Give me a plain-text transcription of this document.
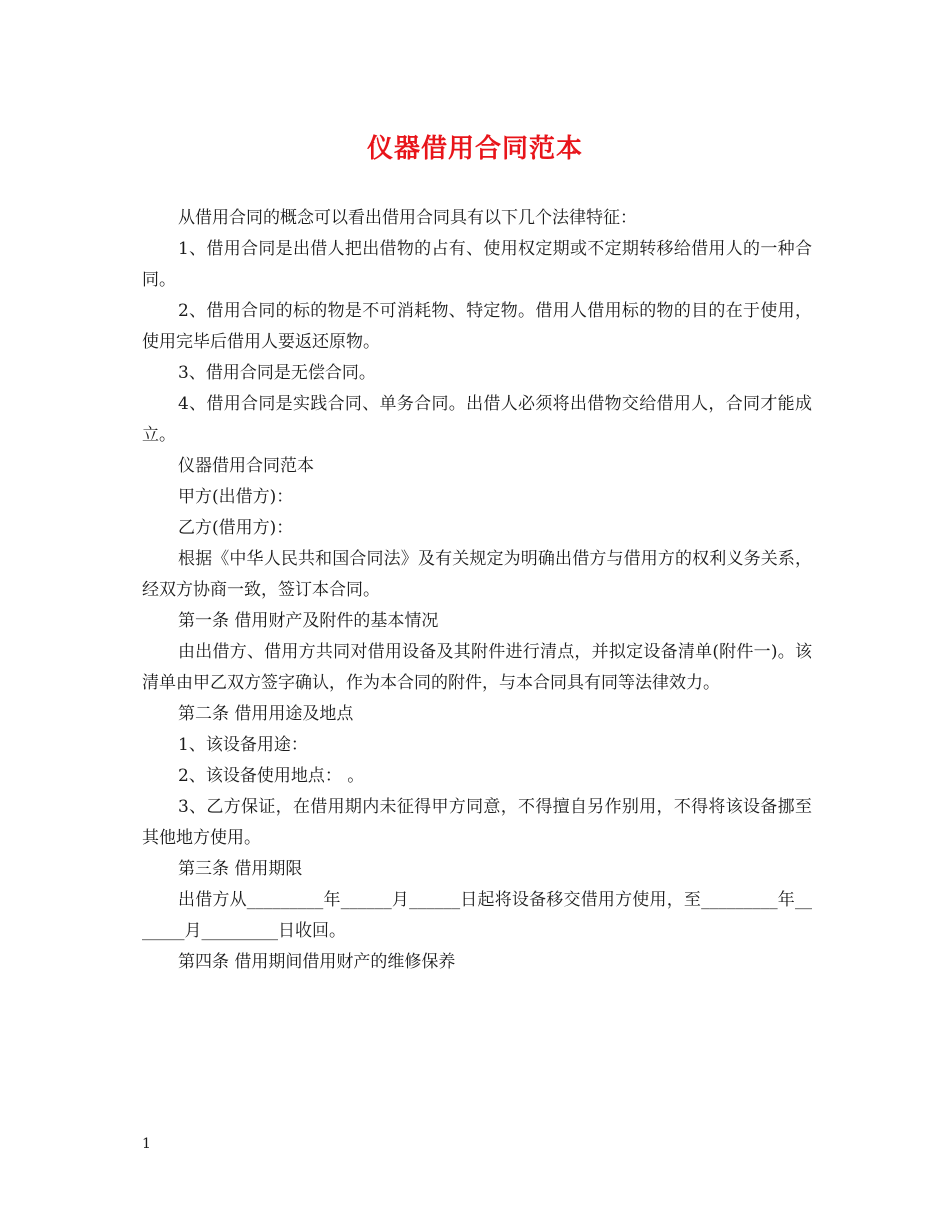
仪器借用合同范本

从借用合同的概念可以看出借用合同具有以下几个法律特征：

1、借用合同是出借人把出借物的占有、使用权定期或不定期转移给借用人的一种合同。

2、借用合同的标的物是不可消耗物、特定物。借用人借用标的物的目的在于使用，使用完毕后借用人要返还原物。

3、借用合同是无偿合同。

4、借用合同是实践合同、单务合同。出借人必须将出借物交给借用人，合同才能成立。

仪器借用合同范本

甲方(出借方)：

乙方(借用方)：

根据《中华人民共和国合同法》及有关规定为明确出借方与借用方的权利义务关系，经双方协商一致，签订本合同。

第一条 借用财产及附件的基本情况

由出借方、借用方共同对借用设备及其附件进行清点，并拟定设备清单(附件一)。该清单由甲乙双方签字确认，作为本合同的附件，与本合同具有同等法律效力。

第二条 借用用途及地点

1、该设备用途：

2、该设备使用地点： 。

3、乙方保证，在借用期内未征得甲方同意，不得擅自另作别用，不得将该设备挪至其他地方使用。

第三条 借用期限

出借方从_________年______月______日起将设备移交借用方使用，至_________年_______月_________日收回。

第四条 借用期间借用财产的维修保养

1
